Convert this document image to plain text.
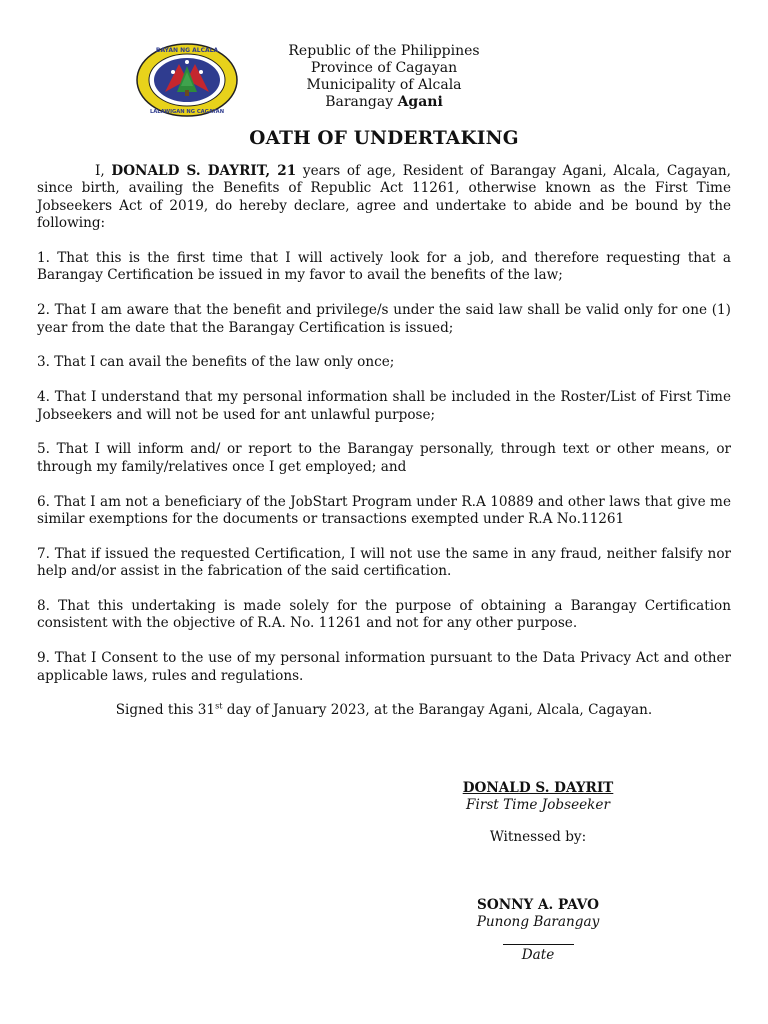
BAYAN NG ALCALA
LALAWIGAN NG CAGAYAN
Republic of the Philippines
Province of Cagayan
Municipality of Alcala
Barangay Agani
OATH OF UNDERTAKING

I, DONALD S. DAYRIT, 21 years of age, Resident of Barangay Agani, Alcala, Cagayan, since birth, availing the Benefits of Republic Act 11261, otherwise known as the First Time Jobseekers Act of 2019, do hereby declare, agree and undertake to abide and be bound by the following:

1. That this is the first time that I will actively look for a job, and therefore requesting that a Barangay Certification be issued in my favor to avail the benefits of the law;

2. That I am aware that the benefit and privilege/s under the said law shall be valid only for one (1) year from the date that the Barangay Certification is issued;

3. That I can avail the benefits of the law only once;

4. That I understand that my personal information shall be included in the Roster/List of First Time Jobseekers and will not be used for ant unlawful purpose;

5. That I will inform and/ or report to the Barangay personally, through text or other means, or through my family/relatives once I get employed; and

6. That I am not a beneficiary of the JobStart Program under R.A 10889 and other laws that give me similar exemptions for the documents or transactions exempted under R.A No.11261

7. That if issued the requested Certification, I will not use the same in any fraud, neither falsify nor help and/or assist in the fabrication of the said certification.

8. That this undertaking is made solely for the purpose of obtaining a Barangay Certification consistent with the objective of R.A. No. 11261 and not for any other purpose.

9. That I Consent to the use of my personal information pursuant to the Data Privacy Act and other applicable laws, rules and regulations.

Signed this 31st day of January 2023, at the Barangay Agani, Alcala, Cagayan.

DONALD S. DAYRIT
First Time Jobseeker
Witnessed by:
SONNY A. PAVO
Punong Barangay
Date
